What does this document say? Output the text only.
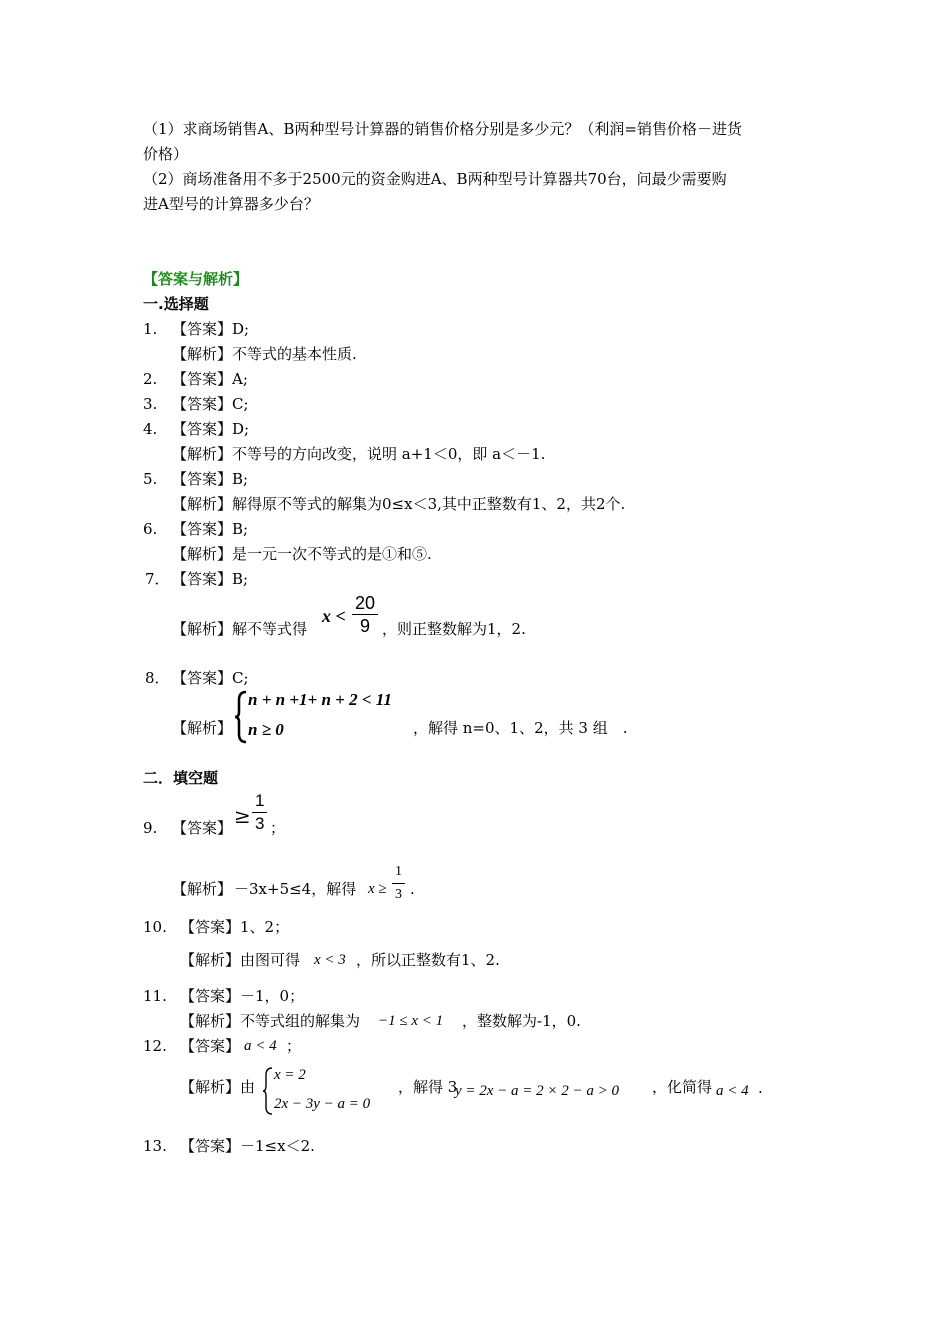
（1）求商场销售A、B两种型号计算器的销售价格分别是多少元？（利润=销售价格－进货
价格）
（2）商场准备用不多于2500元的资金购进A、B两种型号计算器共70台，问最少需要购
进A型号的计算器多少台？
【答案与解析】
一.选择题
1. 【答案】D;
【解析】不等式的基本性质.
2. 【答案】A;
3. 【答案】C;
4. 【答案】D;
【解析】不等号的方向改变，说明 a+1＜0，即 a＜－1.
5. 【答案】B;
【解析】解得原不等式的解集为0≤x＜3,其中正整数有1、2，共2个.
6. 【答案】B;
【解析】是一元一次不等式的是①和⑤.
7． 【答案】B;
【解析】解不等式得
$x < \frac{20}{9}$ ，则正整数解为1，2.
8． 【答案】C;
【解析】
n + n +1+ n + 2 < 11
n ≥ 0	，解得 n=0、1、2，共 3 组　.
二．填空题
9. 【答案】 ≥ $\frac{1}{3}$ ；
【解析】 －3x+5≤4，解得 $x \ge \frac{1}{3}$ .
10. 【答案】1、2；
【解析】由图可得 x < 3 ，所以正整数有1、2.
11. 【答案】－1，0；
【解析】不等式组的解集为 −1 ≤ x < 1 ，整数解为-1，0.
12. 【答案】 a < 4 ；
【解析】由
x = 2
2x − 3y − a = 0
，解得 3
y = 2x − a = 2 × 2 − a > 0 ，化简得 a < 4 .
13. 【答案】－1≤x＜2.
